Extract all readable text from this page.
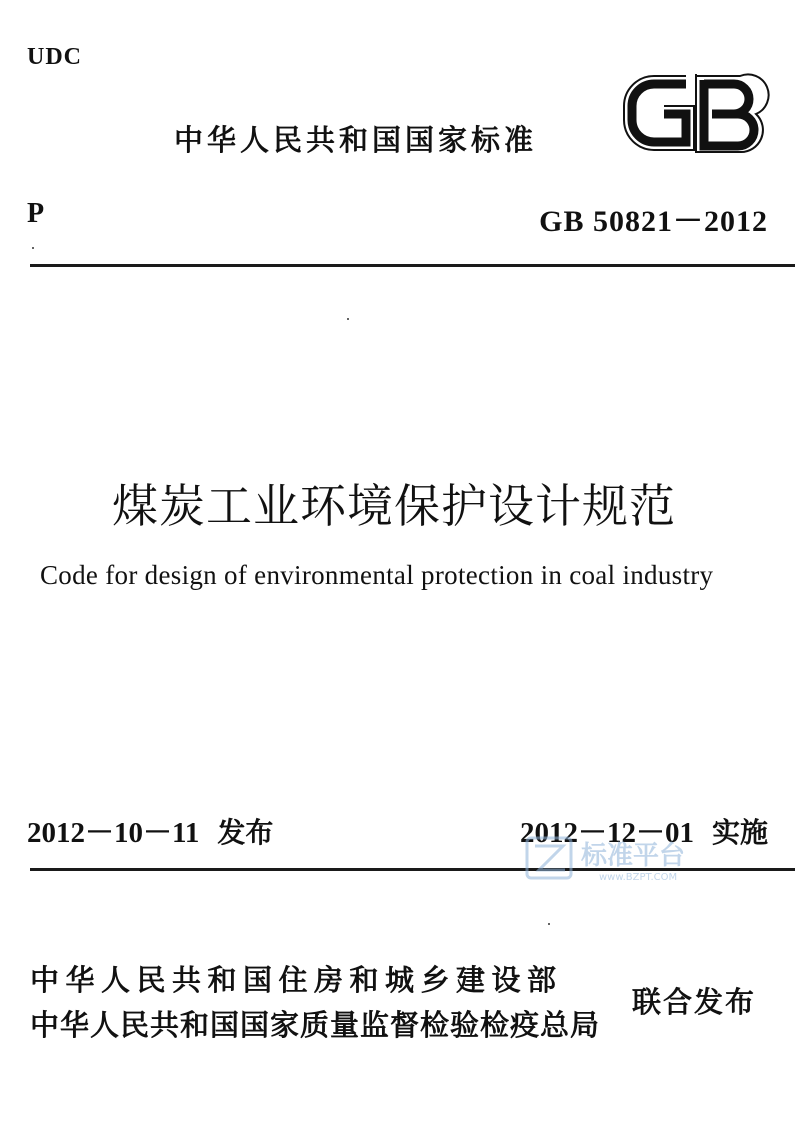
UDC
中华人民共和国国家标准
P	GB 50821－2012
煤炭工业环境保护设计规范
Code for design of environmental protection in coal industry
2012－10－11 发布	2012－12－01 实施
标准平台
www.BZPT.COM
中华人民共和国住房和城乡建设部
中华人民共和国国家质量监督检验检疫总局
联合发布
